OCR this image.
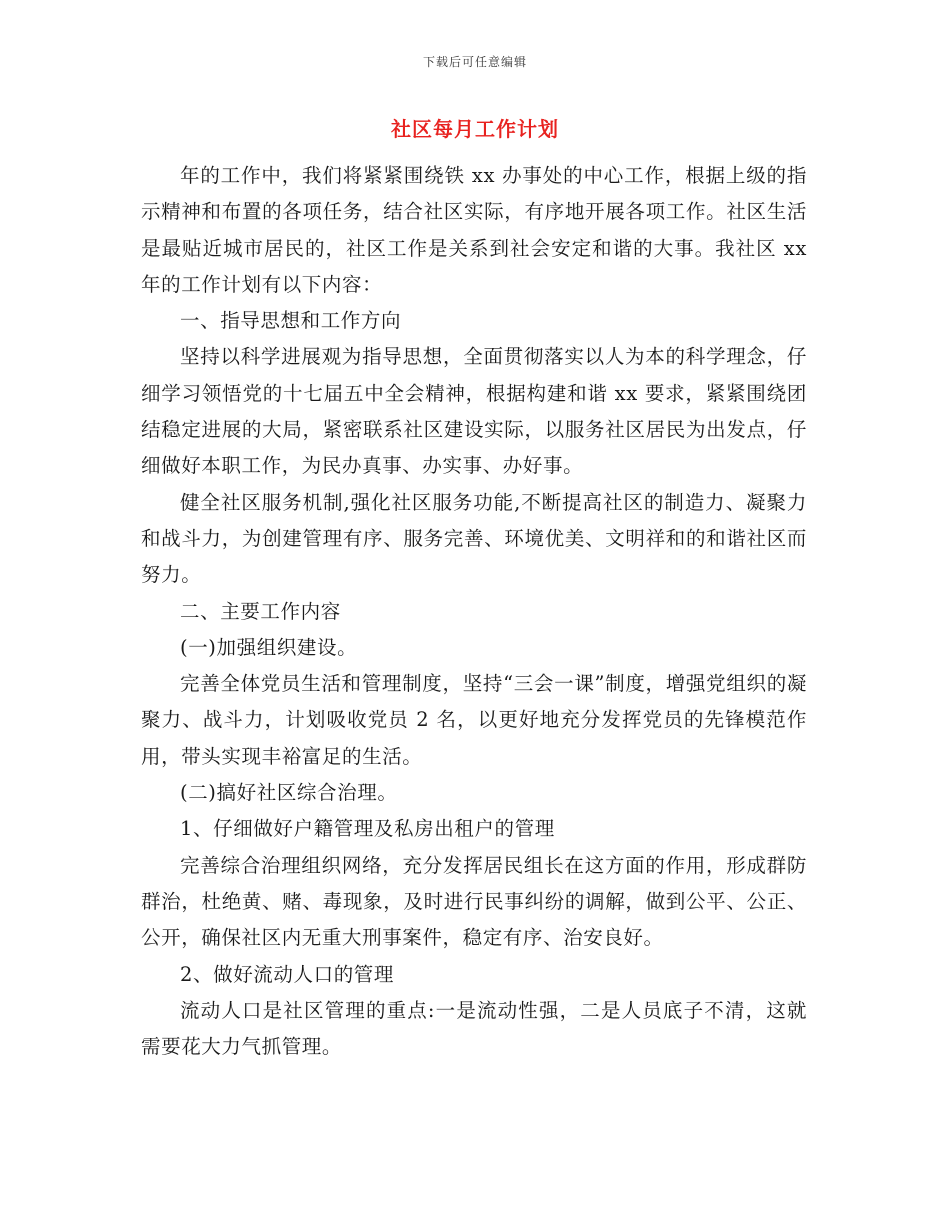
下载后可任意编辑
社区每月工作计划

年的工作中，我们将紧紧围绕铁 xx 办事处的中心工作，根据上级的指示精神和布置的各项任务，结合社区实际，有序地开展各项工作。社区生活是最贴近城市居民的，社区工作是关系到社会安定和谐的大事。我社区 xx 年的工作计划有以下内容：

一、指导思想和工作方向

坚持以科学进展观为指导思想，全面贯彻落实以人为本的科学理念，仔细学习领悟党的十七届五中全会精神，根据构建和谐 xx 要求，紧紧围绕团结稳定进展的大局，紧密联系社区建设实际，以服务社区居民为出发点，仔细做好本职工作，为民办真事、办实事、办好事。

健全社区服务机制,强化社区服务功能,不断提高社区的制造力、凝聚力和战斗力，为创建管理有序、服务完善、环境优美、文明祥和的和谐社区而努力。

二、主要工作内容

(一)加强组织建设。

完善全体党员生活和管理制度，坚持“三会一课”制度，增强党组织的凝聚力、战斗力，计划吸收党员 2 名，以更好地充分发挥党员的先锋模范作用，带头实现丰裕富足的生活。

(二)搞好社区综合治理。

1、仔细做好户籍管理及私房出租户的管理

完善综合治理组织网络，充分发挥居民组长在这方面的作用，形成群防群治，杜绝黄、赌、毒现象，及时进行民事纠纷的调解，做到公平、公正、公开，确保社区内无重大刑事案件，稳定有序、治安良好。

2、做好流动人口的管理

流动人口是社区管理的重点:一是流动性强，二是人员底子不清，这就需要花大力气抓管理。
